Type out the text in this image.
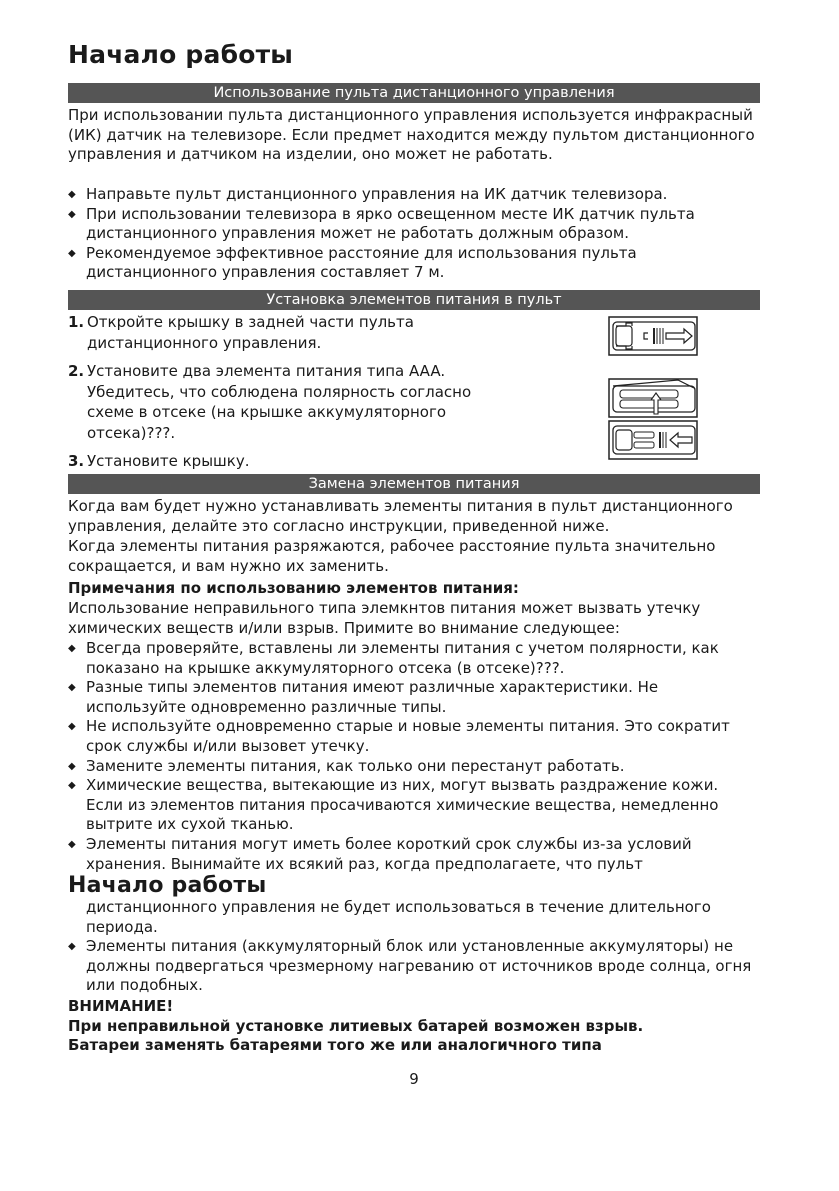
Начало работы
Использование пульта дистанционного управления

При использовании пульта дистанционного управления используется инфракрасный (ИК) датчик на телевизоре. Если предмет находится между пультом дистанционного управления и датчиком на изделии, оно может не работать.

◆ Направьте пульт дистанционного управления на ИК датчик телевизора.
◆ При использовании телевизора в ярко освещенном месте ИК датчик пульта дистанционного управления может не работать должным образом.
◆ Рекомендуемое эффективное расстояние для использования пульта дистанционного управления составляет 7 м.
Установка элементов питания в пульт
1. Откройте крышку в задней части пульта дистанционного управления.
2. Установите два элемента питания типа AAA. Убедитесь, что соблюдена полярность согласно схеме в отсеке (на крышке аккумуляторного отсека)???.
3. Установите крышку.
Замена элементов питания

Когда вам будет нужно устанавливать элементы питания в пульт дистанционного управления, делайте это согласно инструкции, приведенной ниже.

Когда элементы питания разряжаются, рабочее расстояние пульта значительно сокращается, и вам нужно их заменить.

Примечания по использованию элементов питания:

Использование неправильного типа элемкнтов питания может вызвать утечку химических веществ и/или взрыв. Примите во внимание следующее:

◆ Всегда проверяйте, вставлены ли элементы питания с учетом полярности, как показано на крышке аккумуляторного отсека (в отсеке)???.
◆ Разные типы элементов питания имеют различные характеристики. Не используйте одновременно различные типы.
◆ Не используйте одновременно старые и новые элементы питания. Это сократит срок службы и/или вызовет утечку.
◆ Замените элементы питания, как только они перестанут работать.
◆ Химические вещества, вытекающие из них, могут вызвать раздражение кожи. Если из элементов питания просачиваются химические вещества, немедленно вытрите их сухой тканью.
◆ Элементы питания могут иметь более короткий срок службы из-за условий хранения. Вынимайте их всякий раз, когда предполагаете, что пульт
Начало работы

дистанционного управления не будет использоваться в течение длительного периода.

◆ Элементы питания (аккумуляторный блок или установленные аккумуляторы) не должны подвергаться чрезмерному нагреванию от источников вроде солнца, огня или подобных.

ВНИМАНИЕ!

При неправильной установке литиевых батарей возможен взрыв.

Батареи заменять батареями того же или аналогичного типа

9
